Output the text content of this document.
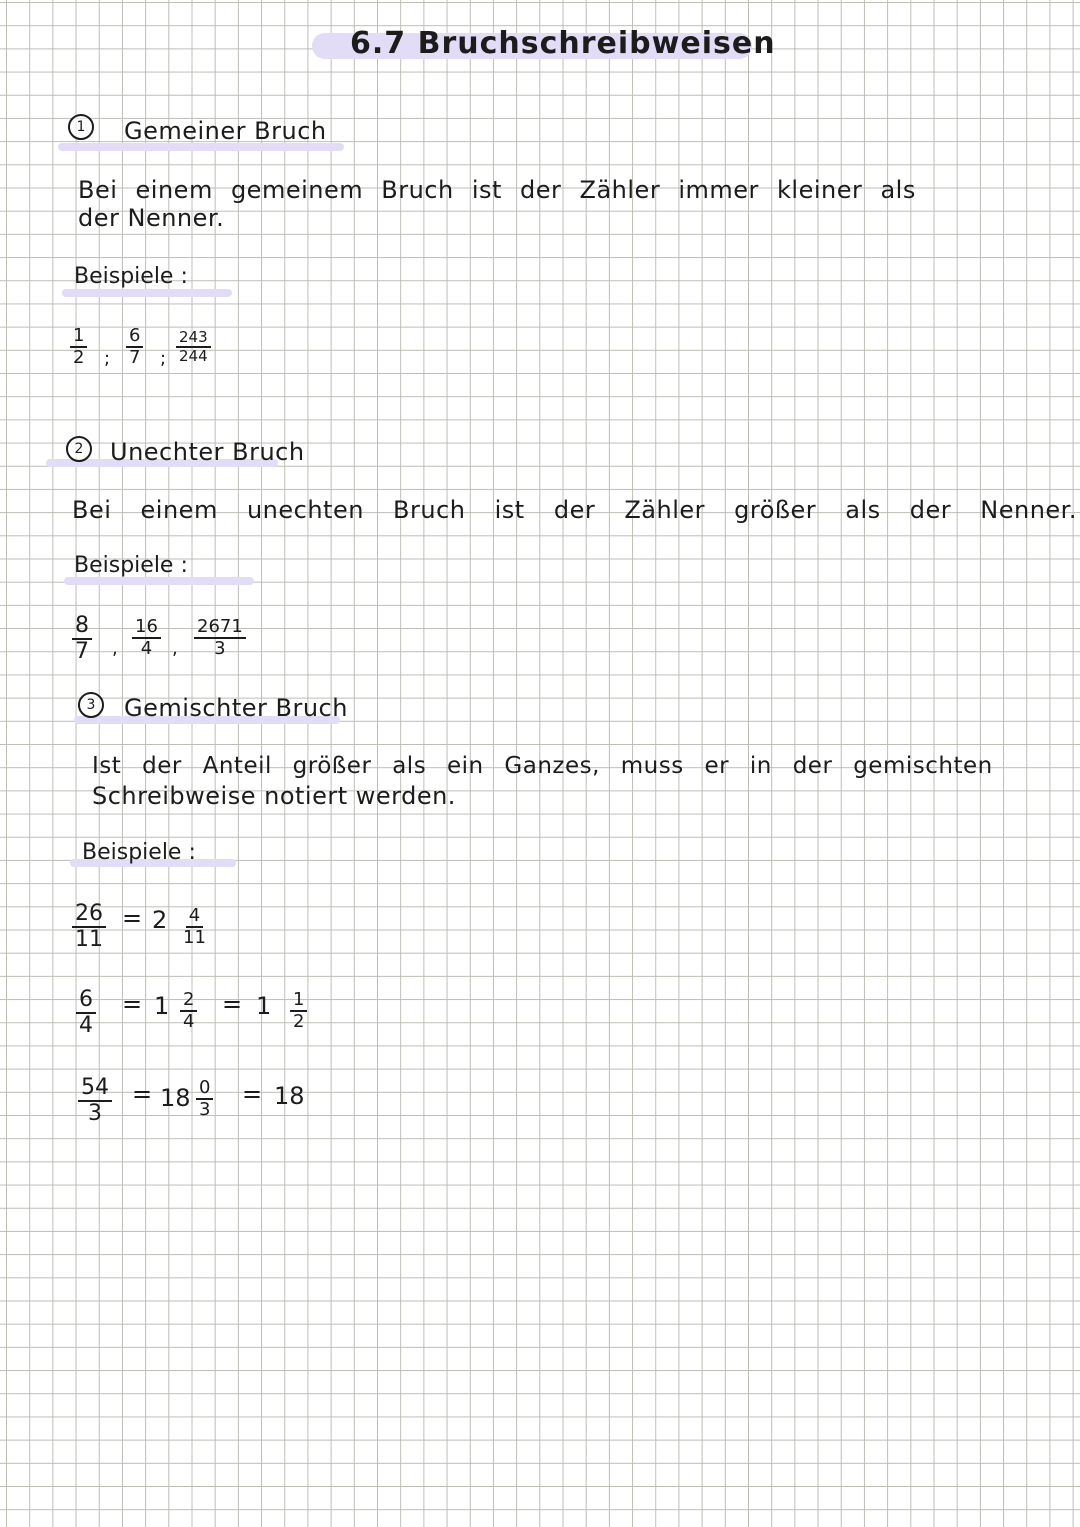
6.7 Bruchschreibweisen
1	Gemeiner Bruch
Bei einem gemeinem Bruch ist der Zähler immer kleiner als
der Nenner.
Beispiele :
$\frac{1}{2}$ ; $\frac{6}{7}$ ; $\frac{243}{244}$
2	Unechter Bruch
Bei einem unechten Bruch ist der Zähler größer als der Nenner.
Beispiele :
$\frac{8}{7}$ , $\frac{16}{4}$ , $\frac{2671}{3}$
3	Gemischter Bruch
Ist der Anteil größer als ein Ganzes, muss er in der gemischten
Schreibweise notiert werden.
Beispiele :
$\frac{26}{11} = 2 \frac{4}{11}$
$\frac{6}{4} = 1 \frac{2}{4} = 1 \frac{1}{2}$
$\frac{54}{3} = 18 \frac{0}{3} = 18$
